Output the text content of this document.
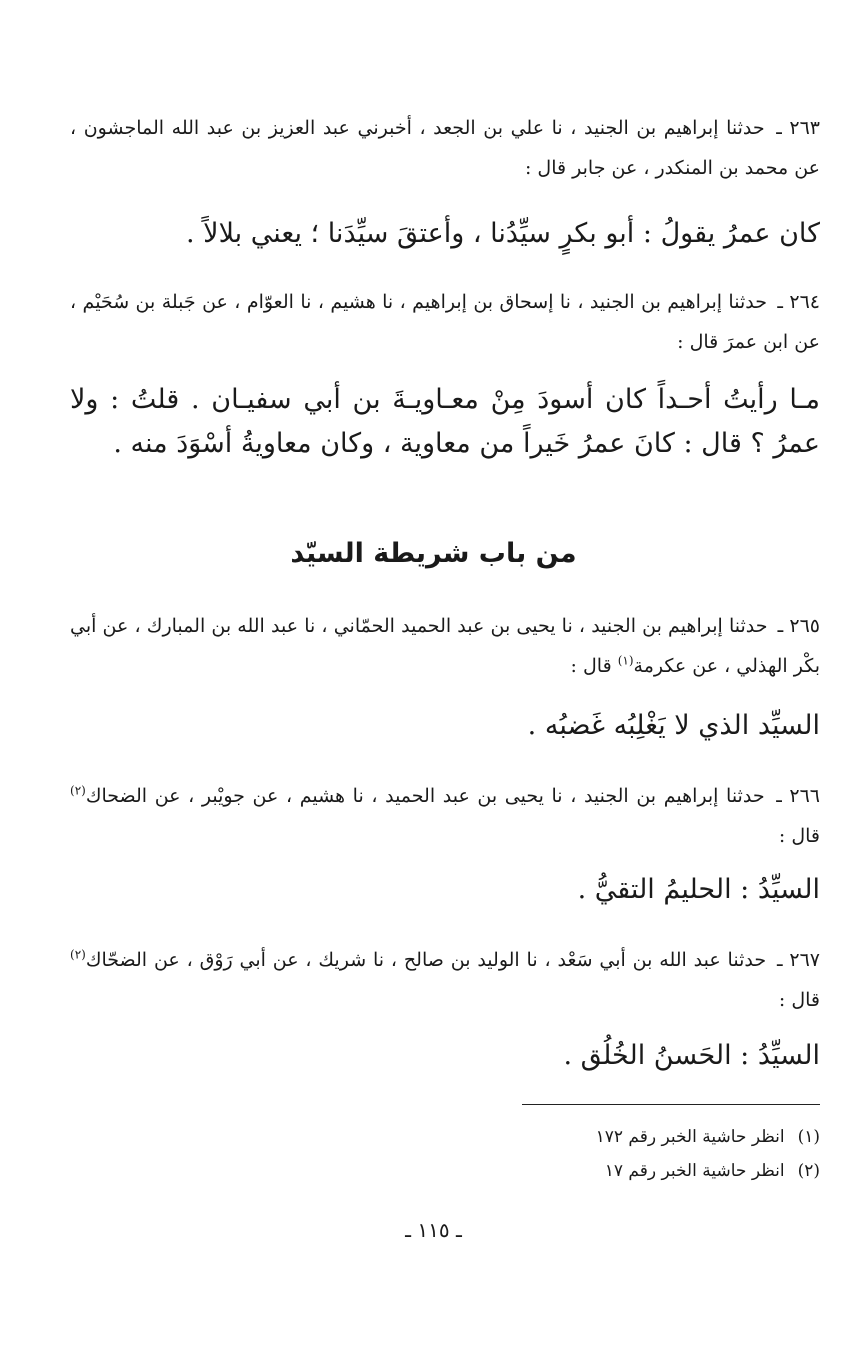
٢٦٣ ـ حدثنا إبراهيم بن الجنيد ، نا علي بن الجعد ، أخبرني عبد العزيز بن عبد الله الماجشون ، عن محمد بن المنكدر ، عن جابر قال :
كان عمرُ يقولُ : أبو بكرٍ سيِّدُنا ، وأعتقَ سيِّدَنا ؛ يعني بلالاً .
٢٦٤ ـ حدثنا إبراهيم بن الجنيد ، نا إسحاق بن إبراهيم ، نا هشيم ، نا العوّام ، عن جَبلة بن سُحَيْم ، عن ابن عمرَ قال :
مـا رأيتُ أحـداً كان أسودَ مِنْ معـاويـةَ بن أبي سفيـان . قلتُ : ولا عمرُ ؟ قال : كانَ عمرُ خَيراً من معاوية ، وكان معاويةُ أسْوَدَ منه .
من باب شريطة السيّد
٢٦٥ ـ حدثنا إبراهيم بن الجنيد ، نا يحيى بن عبد الحميد الحمّاني ، نا عبد الله بن المبارك ، عن أبي بكْر الهذلي ، عن عكرمة$^{(١)}$ قال :
السيِّد الذي لا يَغْلِبُه غَضبُه .
٢٦٦ ـ حدثنا إبراهيم بن الجنيد ، نا يحيى بن عبد الحميد ، نا هشيم ، عن جويْبر ، عن الضحاك$^{(٢)}$ قال :
السيِّدُ : الحليمُ التقيُّ .
٢٦٧ ـ حدثنا عبد الله بن أبي سَعْد ، نا الوليد بن صالح ، نا شريك ، عن أبي رَوْق ، عن الضحّاك$^{(٢)}$ قال :
السيِّدُ : الحَسنُ الخُلُق .
(١) انظر حاشية الخبر رقم ١٧٢
(٢) انظر حاشية الخبر رقم ١٧
ـ ١١٥ ـ
